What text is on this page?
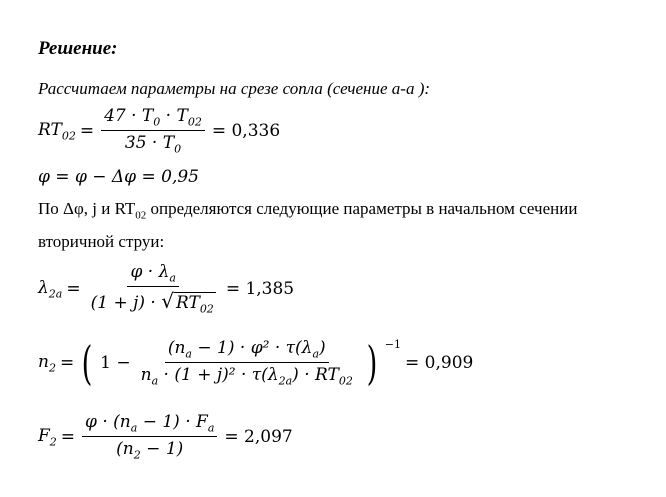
Решение:
Рассчитаем параметры на срезе сопла (сечение a-a ):
$RT_{02} = \frac{47 \cdot T_0 \cdot T_{02}}{35 \cdot T_0} = 0,336$
φ = φ − Δφ = 0,95
По Δφ, j и $RT_{02}$ определяются следующие параметры в начальном сечении
вторичной струи:
$\lambda_{2a} = \frac{\varphi \cdot \lambda_a}{(1 + j) \cdot √ RT_{02}} = 1,385$
$n_2$ = ( $1 - \frac{(n_a - 1) \cdot \varphi^2 \cdot \tau(\lambda_a)}{n_a \cdot (1 + j)^2 \cdot \tau(\lambda_{2a}) \cdot RT_{02}}$ ) $^{-1}$
= 0,909
$F_2 = \frac{\varphi \cdot (n_a - 1) \cdot F_a}{(n_2 - 1)} = 2,097$
